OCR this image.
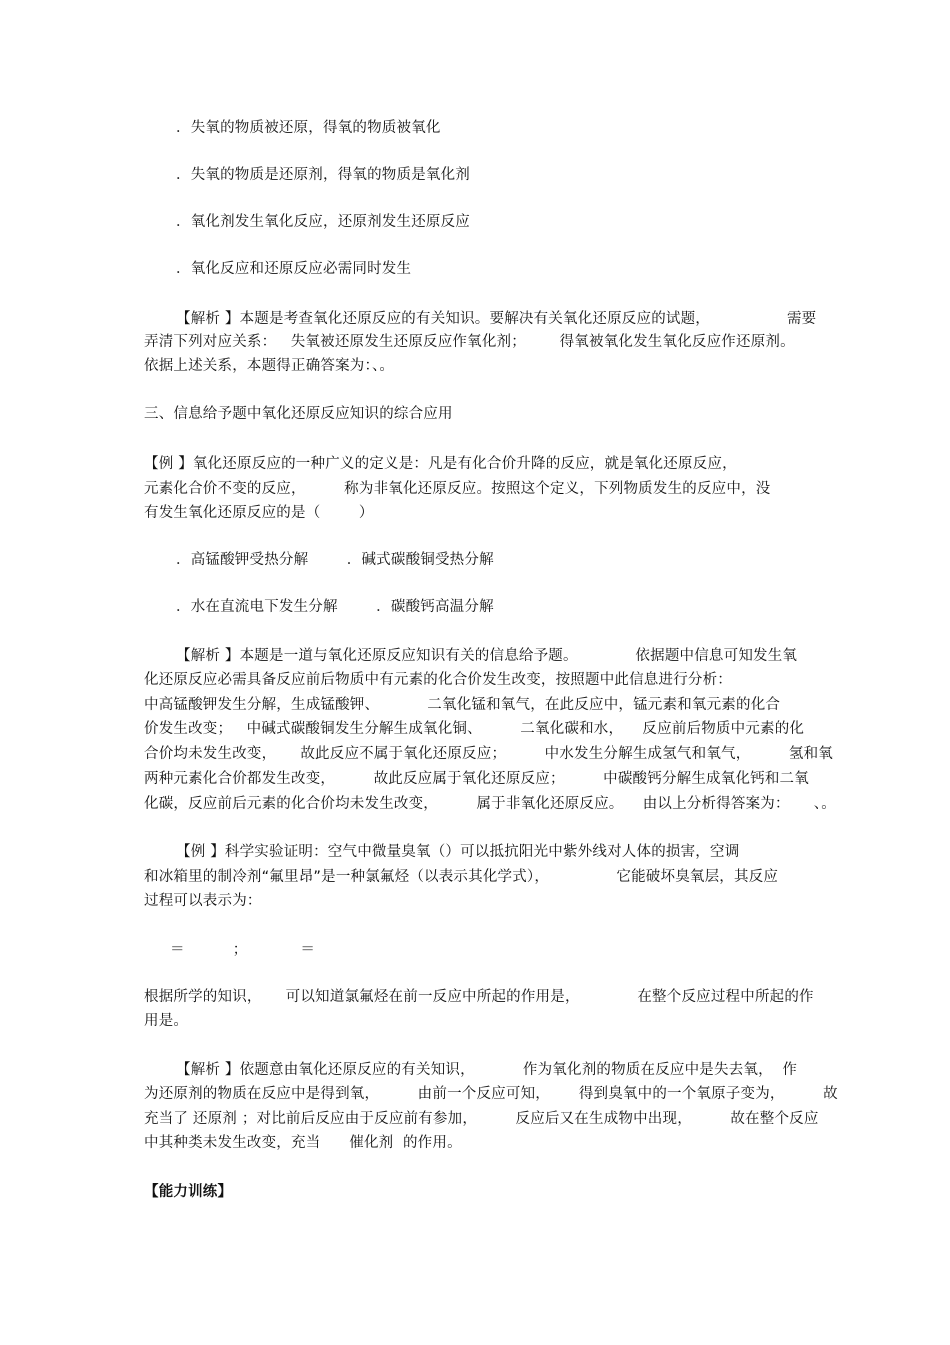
．失氧的物质被还原，得氧的物质被氧化
．失氧的物质是还原剂，得氧的物质是氧化剂
．氧化剂发生氧化反应，还原剂发生还原反应
．氧化反应和还原反应必需同时发生
【解析 】本题是考查氧化还原反应的有关知识。要解决有关氧化还原反应的试题，                需要
弄清下列对应关系：   失氧被还原发生还原反应作氧化剂；       得氧被氧化发生氧化反应作还原剂。
依据上述关系，本题得正确答案为：、。
三、信息给予题中氧化还原反应知识的综合应用
【例 】氧化还原反应的一种广义的定义是：凡是有化合价升降的反应，就是氧化还原反应，
元素化合价不变的反应，        称为非氧化还原反应。按照这个定义，下列物质发生的反应中，没
有发生氧化还原反应的是（        ）
．高锰酸钾受热分解        ．碱式碳酸铜受热分解
．水在直流电下发生分解        ．碳酸钙高温分解
【解析 】本题是一道与氧化还原反应知识有关的信息给予题。            依据题中信息可知发生氧
化还原反应必需具备反应前后物质中有元素的化合价发生改变，按照题中此信息进行分析：
中高锰酸钾发生分解，生成锰酸钾、          二氧化锰和氧气，在此反应中，锰元素和氧元素的化合
价发生改变；   中碱式碳酸铜发生分解生成氧化铜、        二氧化碳和水，    反应前后物质中元素的化
合价均未发生改变，     故此反应不属于氧化还原反应；        中水发生分解生成氢气和氧气，        氢和氧
两种元素化合价都发生改变，        故此反应属于氧化还原反应；        中碳酸钙分解生成氧化钙和二氧
化碳，反应前后元素的化合价均未发生改变，        属于非氧化还原反应。    由以上分析得答案为：     、。
【例 】科学实验证明：空气中微量臭氧（）可以抵抗阳光中紫外线对人体的损害，空调
和冰箱里的制冷剂“氟里昂”是一种氯氟烃（以表示其化学式），              它能破坏臭氧层，其反应
过程可以表示为：
＝          ；           ＝
根据所学的知识，     可以知道氯氟烃在前一反应中所起的作用是，            在整个反应过程中所起的作
用是。
【解析 】依题意由氧化还原反应的有关知识，          作为氧化剂的物质在反应中是失去氧，  作
为还原剂的物质在反应中是得到氧，        由前一个反应可知，      得到臭氧中的一个氧原子变为，        故
充当了 还原剂 ；对比前后反应由于反应前有参加，        反应后又在生成物中出现，        故在整个反应
中其种类未发生改变，充当      催化剂  的作用。
【能力训练】
